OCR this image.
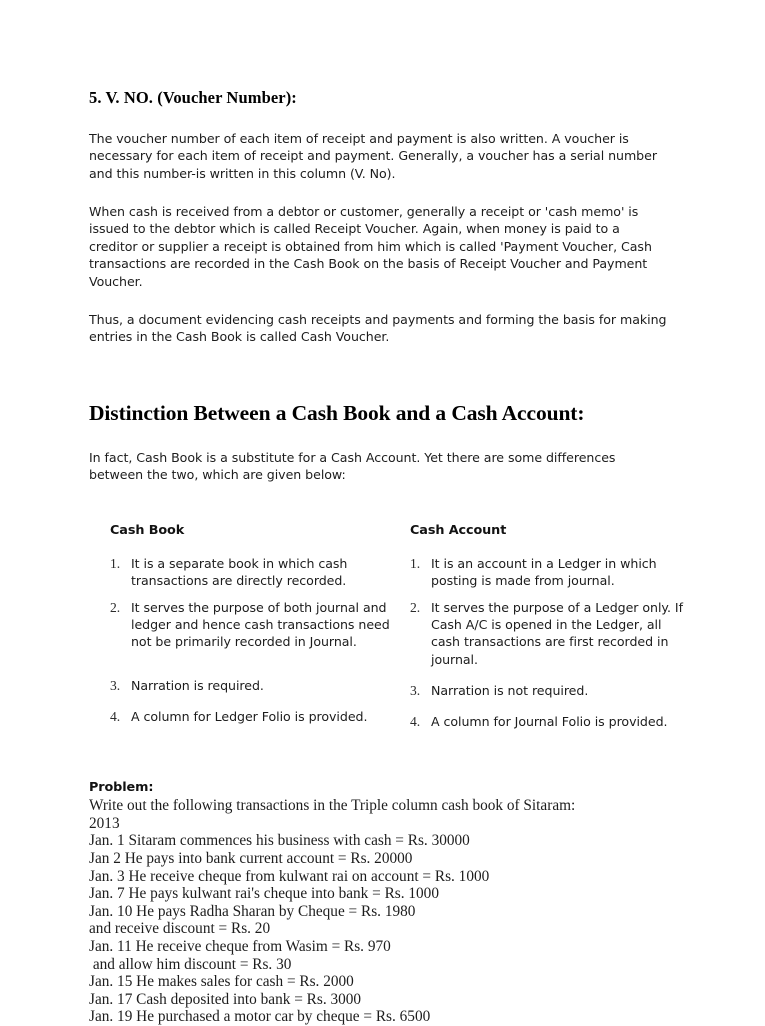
5. V. NO. (Voucher Number):

The voucher number of each item of receipt and payment is also written. A voucher is necessary for each item of receipt and payment. Generally, a voucher has a serial number and this number-is written in this column (V. No).

When cash is received from a debtor or customer, generally a receipt or 'cash memo' is issued to the debtor which is called Receipt Voucher. Again, when money is paid to a creditor or supplier a receipt is obtained from him which is called 'Payment Voucher, Cash transactions are recorded in the Cash Book on the basis of Receipt Voucher and Payment Voucher.

Thus, a document evidencing cash receipts and payments and forming the basis for making entries in the Cash Book is called Cash Voucher.

Distinction Between a Cash Book and a Cash Account:

In fact, Cash Book is a substitute for a Cash Account. Yet there are some differences between the two, which are given below:

Cash Book
1. It is a separate book in which cash transactions are directly recorded.
2. It serves the purpose of both journal and ledger and hence cash transactions need not be primarily recorded in Journal.
3. Narration is required.
4. A column for Ledger Folio is provided.
Cash Account
1. It is an account in a Ledger in which posting is made from journal.
2. It serves the purpose of a Ledger only. If Cash A/C is opened in the Ledger, all cash transactions are first recorded in journal.
3. Narration is not required.
4. A column for Journal Folio is provided.
Problem:
Write out the following transactions in the Triple column cash book of Sitaram:
2013
Jan. 1 Sitaram commences his business with cash = Rs. 30000
Jan 2 He pays into bank current account = Rs. 20000
Jan. 3 He receive cheque from kulwant rai on account = Rs. 1000
Jan. 7 He pays kulwant rai's cheque into bank = Rs. 1000
Jan. 10 He pays Radha Sharan by Cheque = Rs. 1980
and receive discount = Rs. 20
Jan. 11 He receive cheque from Wasim = Rs. 970
and allow him discount = Rs. 30
Jan. 15 He makes sales for cash = Rs. 2000
Jan. 17 Cash deposited into bank = Rs. 3000
Jan. 19 He purchased a motor car by cheque = Rs. 6500
